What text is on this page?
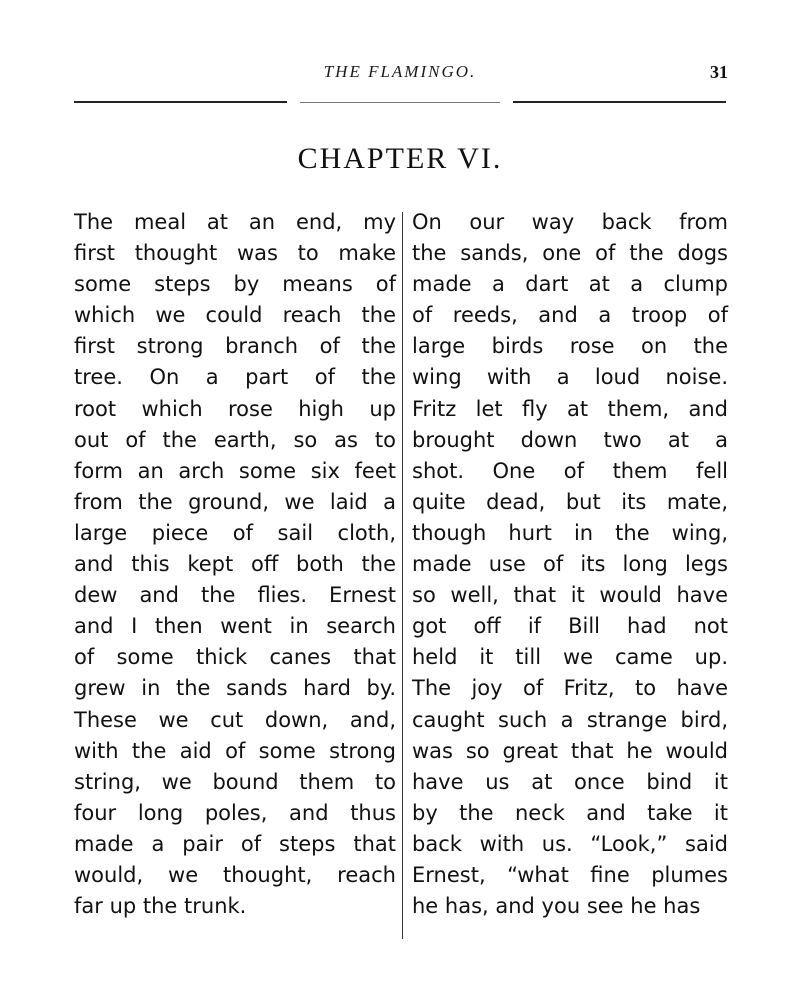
THE FLAMINGO.	31
CHAPTER VI.
The meal at an end, my
first thought was to make
some steps by means of
which we could reach the
first strong branch of the
tree. On a part of the
root which rose high up
out of the earth, so as to
form an arch some six feet
from the ground, we laid a
large piece of sail cloth,
and this kept off both the
dew and the flies. Ernest
and I then went in search
of some thick canes that
grew in the sands hard by.
These we cut down, and,
with the aid of some strong
string, we bound them to
four long poles, and thus
made a pair of steps that
would, we thought, reach
far up the trunk.
On our way back from
the sands, one of the dogs
made a dart at a clump
of reeds, and a troop of
large birds rose on the
wing with a loud noise.
Fritz let fly at them, and
brought down two at a
shot. One of them fell
quite dead, but its mate,
though hurt in the wing,
made use of its long legs
so well, that it would have
got off if Bill had not
held it till we came up.
The joy of Fritz, to have
caught such a strange bird,
was so great that he would
have us at once bind it
by the neck and take it
back with us. “Look,” said
Ernest, “what fine plumes
he has, and you see he has
